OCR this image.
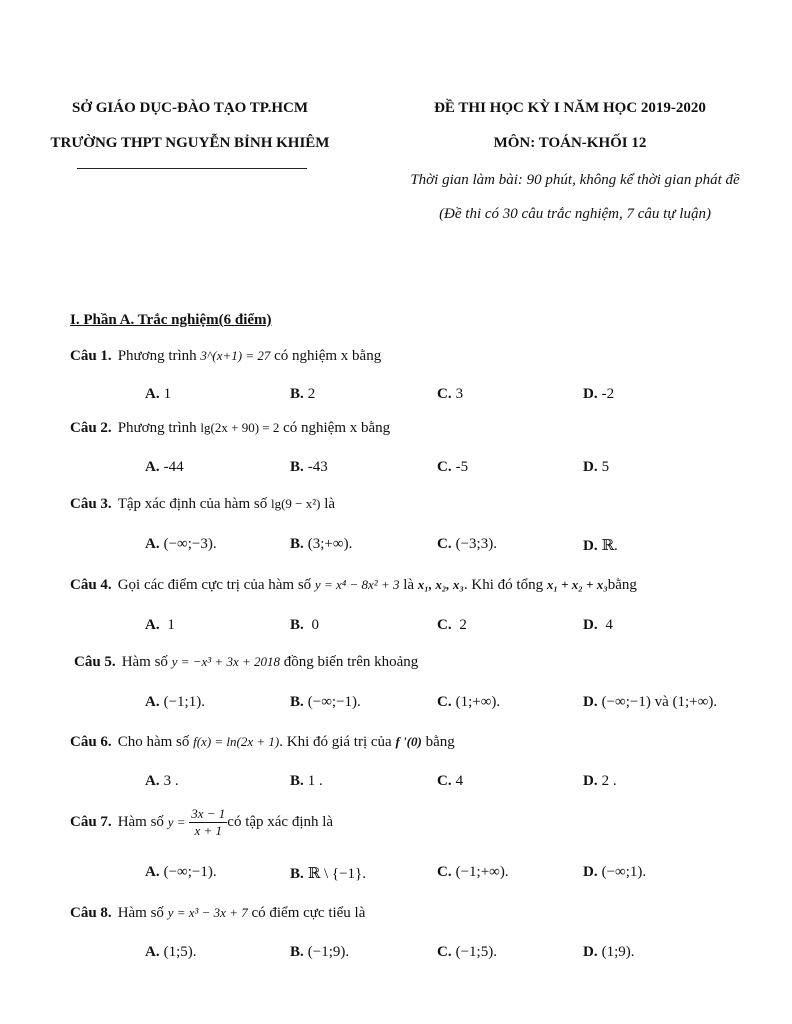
SỞ GIÁO DỤC-ĐÀO TẠO TP.HCM
TRƯỜNG THPT NGUYỄN BỈNH KHIÊM
ĐỀ THI HỌC KỲ I NĂM HỌC 2019-2020
MÔN: TOÁN-KHỐI 12
Thời gian làm bài: 90 phút, không kể thời gian phát đề
(Đề thi có 30 câu trắc nghiệm, 7 câu tự luận)
I. Phần A. Trắc nghiệm(6 điểm)
Câu 1. Phương trình 3^(x+1) = 27 có nghiệm x bằng
A. 1	B. 2	C. 3	D. -2
Câu 2. Phương trình lg(2x + 90) = 2 có nghiệm x bằng
A. -44	B. -43	C. -5	D. 5
Câu 3. Tập xác định của hàm số lg(9 − x²) là
A. (−∞;−3).	B. (3;+∞).	C. (−3;3).	D. ℝ.
Câu 4. Gọi các điểm cực trị của hàm số y = x⁴ − 8x² + 3 là x₁, x₂, x₃. Khi đó tổng x₁ + x₂ + x₃bằng
A. 1	B. 0	C. 2	D. 4
Câu 5. Hàm số y = −x³ + 3x + 2018 đồng biến trên khoảng
A. (−1;1).	B. (−∞;−1).	C. (1;+∞).	D. (−∞;−1) và (1;+∞).
Câu 6. Cho hàm số f(x) = ln(2x + 1). Khi đó giá trị của f '(0) bằng
A. 3 .	B. 1 .	C. 4	D. 2 .
Câu 7. Hàm số $y = \frac{3x - 1}{x + 1}$ có tập xác định là
A. (−∞;−1).	B. ℝ \ {−1}.	C. (−1;+∞).	D. (−∞;1).
Câu 8. Hàm số y = x³ − 3x + 7 có điểm cực tiểu là
A. (1;5).	B. (−1;9).	C. (−1;5).	D. (1;9).
